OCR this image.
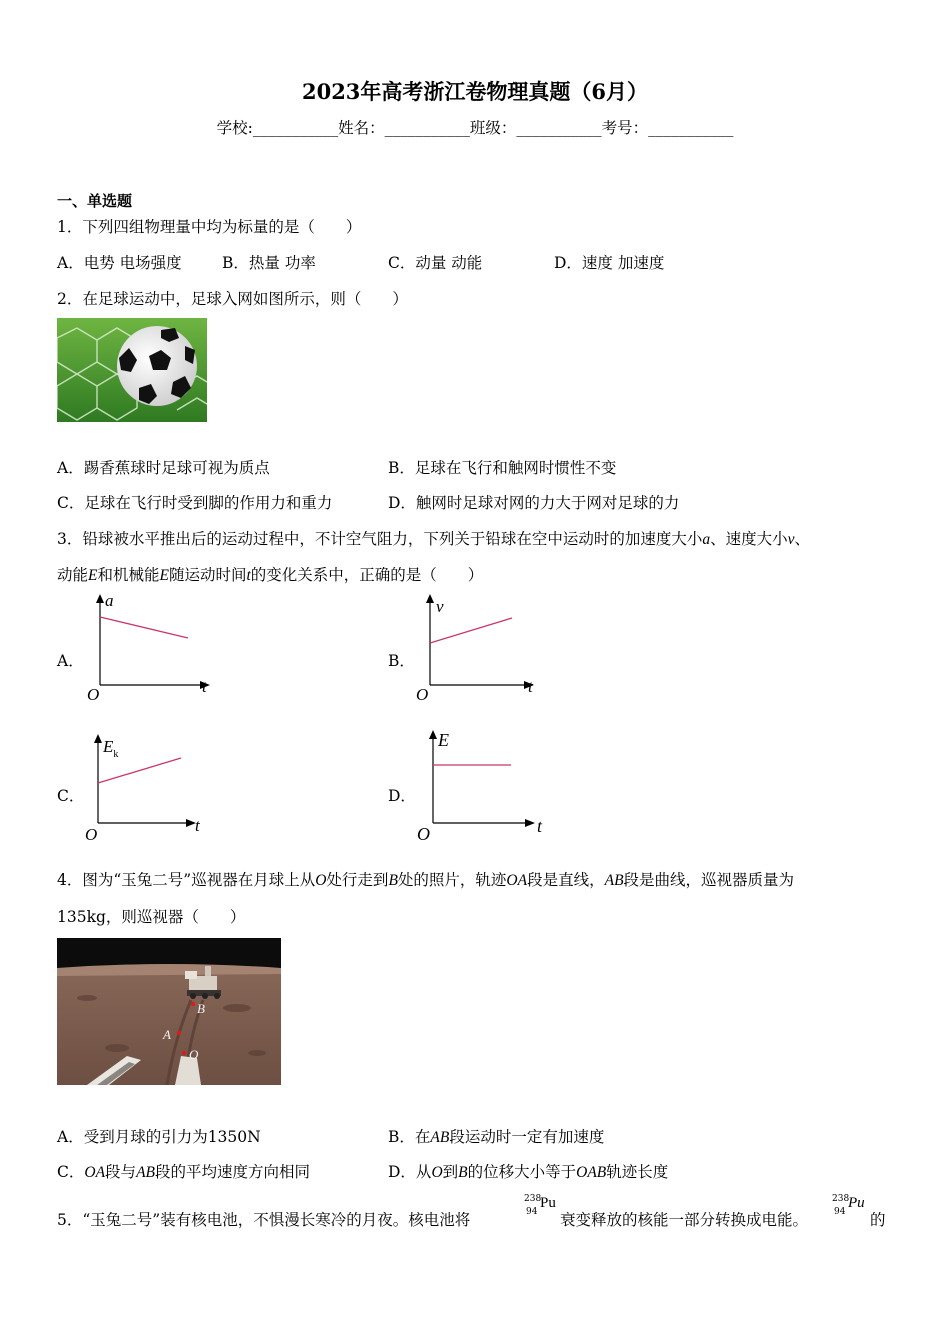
2023年高考浙江卷物理真题（6月）
学校:___________姓名：___________班级：___________考号：___________
一、单选题
1．下列四组物理量中均为标量的是（　　）
A．电势 电场强度	B．热量 功率	C．动量 动能	D．速度 加速度
2．在足球运动中，足球入网如图所示，则（　　）
A．踢香蕉球时足球可视为质点	B．足球在飞行和触网时惯性不变
C．足球在飞行时受到脚的作用力和重力	D．触网时足球对网的力大于网对足球的力
3．铅球被水平推出后的运动过程中，不计空气阻力，下列关于铅球在空中运动时的加速度大小a、速度大小v、
动能E和机械能E随运动时间t的变化关系中，正确的是（　　）
A．	B．
C．	D．
a
t
O
v
t
O
$E_k$
t
O
E
t
O
4．图为“玉兔二号”巡视器在月球上从O处行走到B处的照片，轨迹OA段是直线，AB段是曲线，巡视器质量为
135kg，则巡视器（　　）
B
A
O
A．受到月球的引力为1350N	B．在AB段运动时一定有加速度
C．OA段与AB段的平均速度方向相同	D．从O到B的位移大小等于OAB轨迹长度
5．“玉兔二号”装有核电池，不惧漫长寒冷的月夜。核电池将
238
94
Pu
衰变释放的核能一部分转换成电能。
238
94
Pu
的
